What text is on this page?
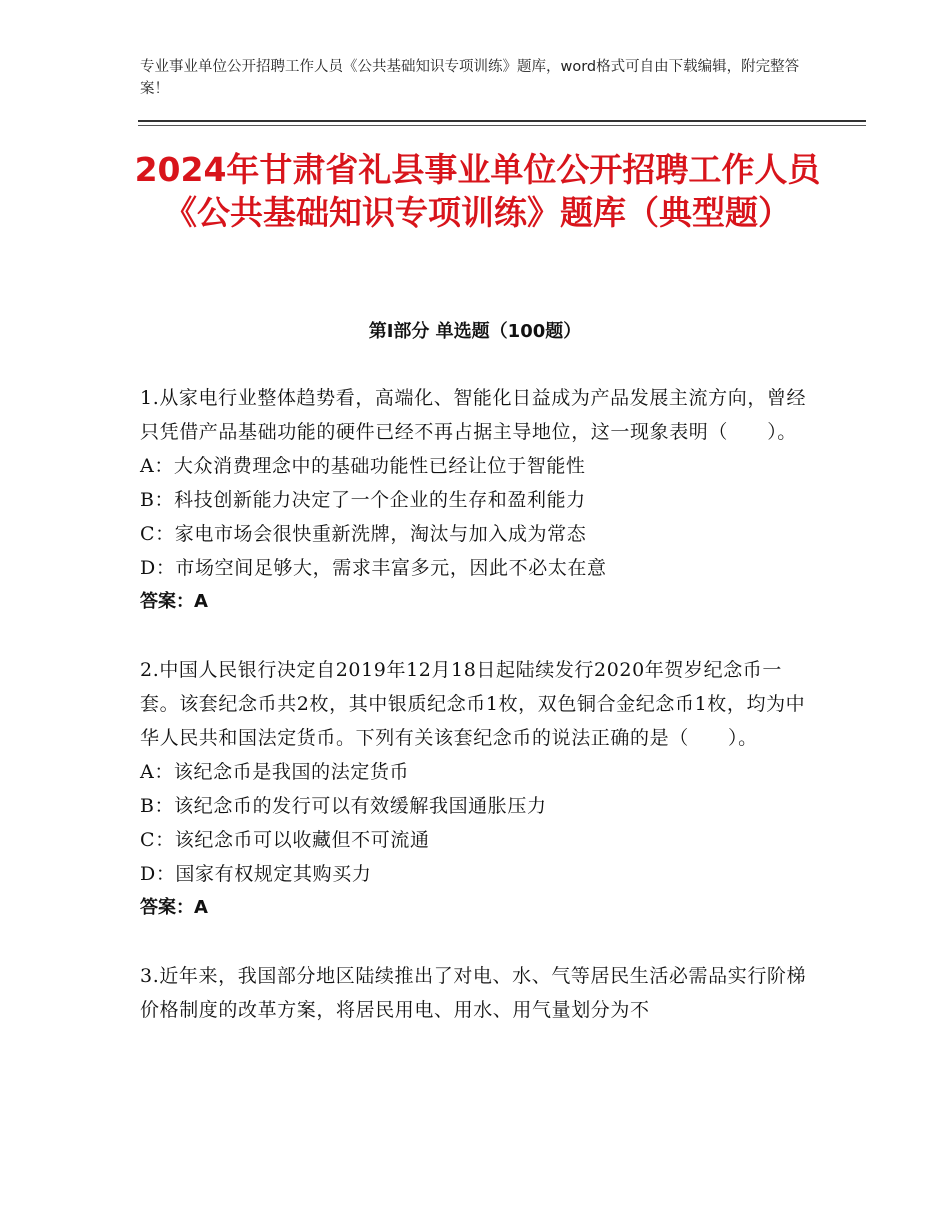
专业事业单位公开招聘工作人员《公共基础知识专项训练》题库，word格式可自由下载编辑，附完整答案！
2024年甘肃省礼县事业单位公开招聘工作人员《公共基础知识专项训练》题库（典型题）
第Ⅰ部分 单选题（100题）
1.从家电行业整体趋势看，高端化、智能化日益成为产品发展主流方向，曾经只凭借产品基础功能的硬件已经不再占据主导地位，这一现象表明（　　）。
A：大众消费理念中的基础功能性已经让位于智能性
B：科技创新能力决定了一个企业的生存和盈利能力
C：家电市场会很快重新洗牌，淘汰与加入成为常态
D：市场空间足够大，需求丰富多元，因此不必太在意
答案：A
2.中国人民银行决定自2019年12月18日起陆续发行2020年贺岁纪念币一套。该套纪念币共2枚，其中银质纪念币1枚，双色铜合金纪念币1枚，均为中华人民共和国法定货币。下列有关该套纪念币的说法正确的是（　　）。
A：该纪念币是我国的法定货币
B：该纪念币的发行可以有效缓解我国通胀压力
C：该纪念币可以收藏但不可流通
D：国家有权规定其购买力
答案：A
3.近年来，我国部分地区陆续推出了对电、水、气等居民生活必需品实行阶梯价格制度的改革方案，将居民用电、用水、用气量划分为不
